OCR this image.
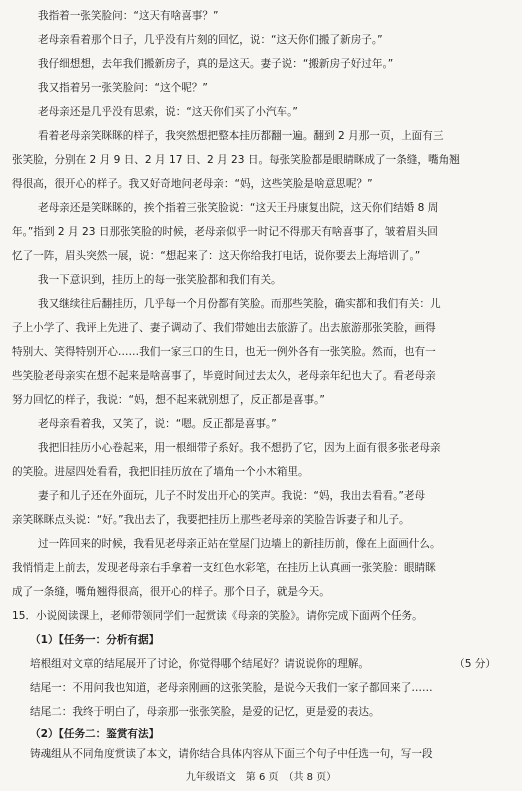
我指着一张笑脸问：“这天有啥喜事？”
老母亲看着那个日子，几乎没有片刻的回忆，说：“这天你们搬了新房子。”
我仔细想想，去年我们搬新房子，真的是这天。妻子说：“搬新房子好过年。”
我又指着另一张笑脸问：“这个呢？”
老母亲还是几乎没有思索，说：“这天你们买了小汽车。”
看着老母亲笑眯眯的样子，我突然想把整本挂历都翻一遍。翻到 2 月那一页，上面有三
张笑脸，分别在 2 月 9 日、2 月 17 日、2 月 23 日。每张笑脸都是眼睛眯成了一条缝，嘴角翘
得很高，很开心的样子。我又好奇地问老母亲：“妈，这些笑脸是啥意思呢？”
老母亲还是笑眯眯的，挨个指着三张笑脸说：“这天王丹康复出院，这天你们结婚 8 周
年。”指到 2 月 23 日那张笑脸的时候，老母亲似乎一时记不得那天有啥喜事了，皱着眉头回
忆了一阵，眉头突然一展，说：“想起来了：这天你给我打电话，说你要去上海培训了。”
我一下意识到，挂历上的每一张笑脸都和我们有关。
我又继续往后翻挂历，几乎每一个月份都有笑脸。而那些笑脸，确实都和我们有关：儿
子上小学了、我评上先进了、妻子调动了、我们带她出去旅游了。出去旅游那张笑脸，画得
特别大、笑得特别开心……我们一家三口的生日，也无一例外各有一张笑脸。然而，也有一
些笑脸老母亲实在想不起来是啥喜事了，毕竟时间过去太久，老母亲年纪也大了。看老母亲
努力回忆的样子，我说：“妈，想不起来就别想了，反正都是喜事。”
老母亲看着我，又笑了，说：“嗯。反正都是喜事。”
我把旧挂历小心卷起来，用一根细带子系好。我不想扔了它，因为上面有很多张老母亲
的笑脸。进屋四处看看，我把旧挂历放在了墙角一个小木箱里。
妻子和儿子还在外面玩，儿子不时发出开心的笑声。我说：“妈，我出去看看。”老母
亲笑眯眯点头说：“好。”我出去了，我要把挂历上那些老母亲的笑脸告诉妻子和儿子。
过一阵回来的时候，我看见老母亲正站在堂屋门边墙上的新挂历前，像在上面画什么。
我悄悄走上前去，发现老母亲右手拿着一支红色水彩笔，在挂历上认真画一张笑脸：眼睛眯
成了一条缝，嘴角翘得很高，很开心的样子。那个日子，就是今天。
15．小说阅读课上，老师带领同学们一起赏读《母亲的笑脸》。请你完成下面两个任务。
（1）【任务一：分析有据】
培根组对文章的结尾展开了讨论，你觉得哪个结尾好？请说说你的理解。	（5 分）
结尾一：不用问我也知道，老母亲刚画的这张笑脸，是说今天我们一家子都回来了……
结尾二：我终于明白了，母亲那一张张笑脸，是爱的记忆，更是爱的表达。
（2）【任务二：鉴赏有法】
铸魂组从不同角度赏读了本文，请你结合具体内容从下面三个句子中任选一句，写一段
九年级语文　第 6 页　（共 8 页）
